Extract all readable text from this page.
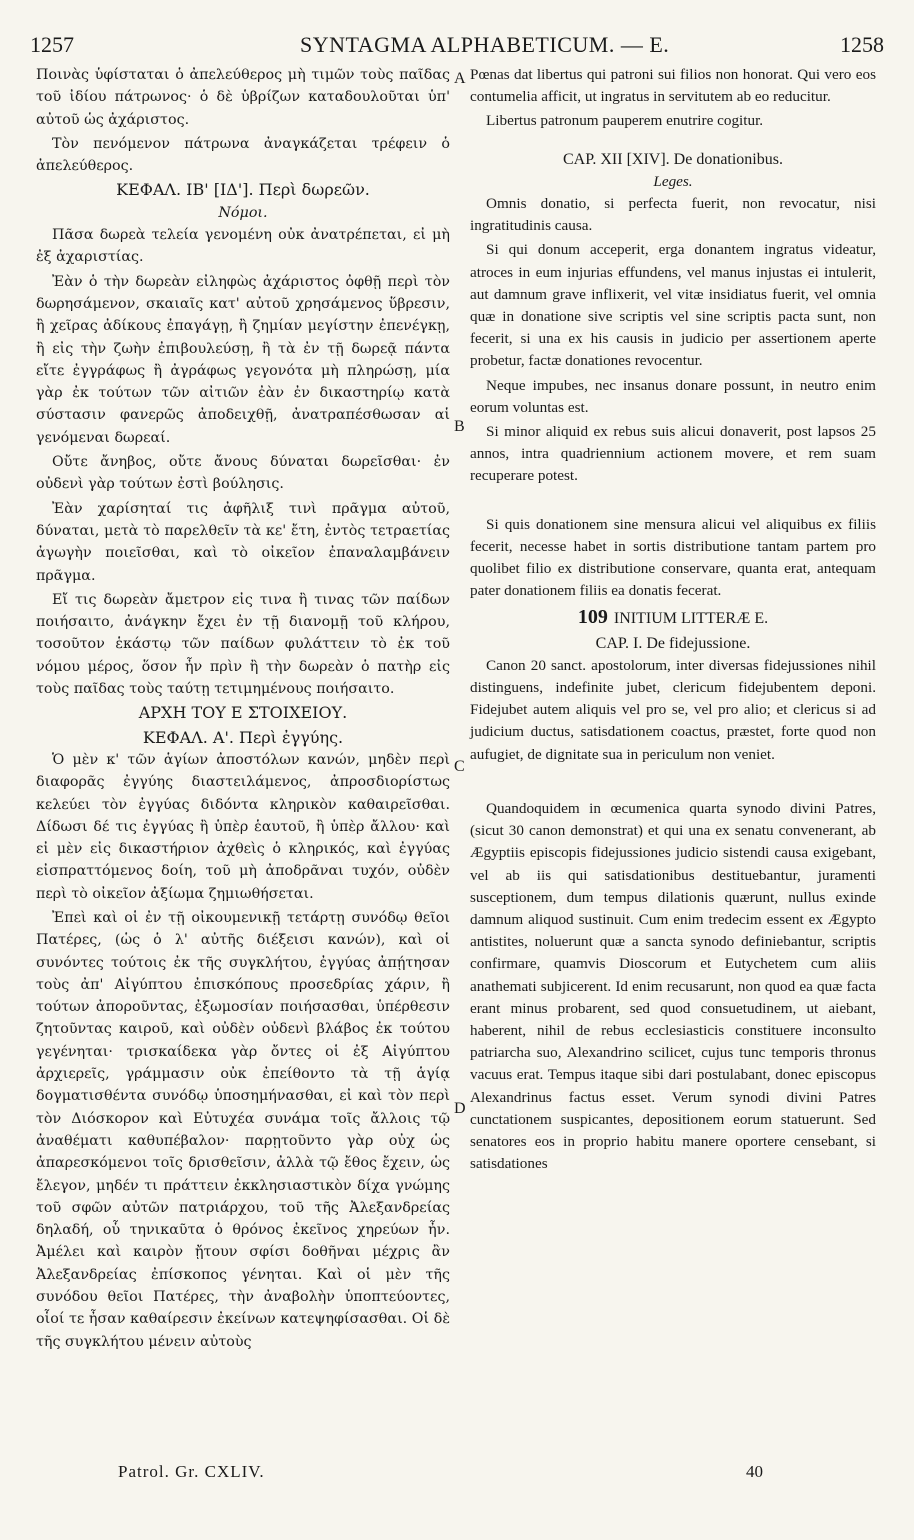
1257	SYNTAGMA ALPHABETICUM. — E.	1258

Ποινὰς ὑφίσταται ὁ ἀπελεύθερος μὴ τιμῶν τοὺς παῖδας τοῦ ἰδίου πάτρωνος· ὁ δὲ ὑβρίζων καταδουλοῦται ὑπ' αὐτοῦ ὡς ἀχάριστος.

Τὸν πενόμενον πάτρωνα ἀναγκάζεται τρέφειν ὁ ἀπελεύθερος.

ΚΕΦΑΛ. ΙΒ' [ΙΔ']. Περὶ δωρεῶν.
Νόμοι.

Πᾶσα δωρεὰ τελεία γενομένη οὐκ ἀνατρέπεται, εἰ μὴ ἐξ ἀχαριστίας.

Ἐὰν ὁ τὴν δωρεὰν εἰληφὼς ἀχάριστος ὀφθῇ περὶ τὸν δωρησάμενον, σκαιαῖς κατ' αὐτοῦ χρησάμενος ὕβρεσιν, ἢ χεῖρας ἀδίκους ἐπαγάγῃ, ἢ ζημίαν μεγίστην ἐπενέγκῃ, ἢ εἰς τὴν ζωὴν ἐπιβουλεύσῃ, ἢ τὰ ἐν τῇ δωρεᾷ πάντα εἴτε ἐγγράφως ἢ ἀγράφως γεγονότα μὴ πληρώσῃ, μία γὰρ ἐκ τούτων τῶν αἰτιῶν ἐὰν ἐν δικαστηρίῳ κατὰ σύστασιν φανερῶς ἀποδειχθῇ, ἀνατραπέσθωσαν αἱ γενόμεναι δωρεαί.

Οὔτε ἄνηβος, οὔτε ἄνους δύναται δωρεῖσθαι· ἐν οὐδενὶ γὰρ τούτων ἐστὶ βούλησις.

Ἐὰν χαρίσηταί τις ἀφῆλιξ τινὶ πρᾶγμα αὐτοῦ, δύναται, μετὰ τὸ παρελθεῖν τὰ κε' ἔτη, ἐντὸς τετραετίας ἀγωγὴν ποιεῖσθαι, καὶ τὸ οἰκεῖον ἐπαναλαμβάνειν πρᾶγμα.

Εἴ τις δωρεὰν ἄμετρον εἰς τινα ἢ τινας τῶν παίδων ποιήσαιτο, ἀνάγκην ἔχει ἐν τῇ διανομῇ τοῦ κλήρου, τοσοῦτον ἑκάστῳ τῶν παίδων φυλάττειν τὸ ἐκ τοῦ νόμου μέρος, ὅσον ἦν πρὶν ἢ τὴν δωρεὰν ὁ πατὴρ εἰς τοὺς παῖδας τοὺς ταύτῃ τετιμημένους ποιήσαιτο.

ΑΡΧΗ ΤΟΥ Ε ΣΤΟΙΧΕΙΟΥ.
ΚΕΦΑΛ. Α'. Περὶ ἐγγύης.

Ὁ μὲν κ' τῶν ἁγίων ἀποστόλων κανών, μηδὲν περὶ διαφορᾶς ἐγγύης διαστειλάμενος, ἀπροσδιορίστως κελεύει τὸν ἐγγύας διδόντα κληρικὸν καθαιρεῖσθαι. Δίδωσι δέ τις ἐγγύας ἢ ὑπὲρ ἑαυτοῦ, ἢ ὑπὲρ ἄλλου· καὶ εἰ μὲν εἰς δικαστήριον ἀχθεὶς ὁ κληρικός, καὶ ἐγγύας εἰσπραττόμενος δοίη, τοῦ μὴ ἀποδρᾶναι τυχόν, οὐδὲν περὶ τὸ οἰκεῖον ἀξίωμα ζημιωθήσεται.

Ἐπεὶ καὶ οἱ ἐν τῇ οἰκουμενικῇ τετάρτῃ συνόδῳ θεῖοι Πατέρες, (ὡς ὁ λ' αὐτῆς διέξεισι κανών), καὶ οἱ συνόντες τούτοις ἐκ τῆς συγκλήτου, ἐγγύας ἀπῄτησαν τοὺς ἀπ' Αἰγύπτου ἐπισκόπους προσεδρίας χάριν, ἢ τούτων ἀποροῦντας, ἐξωμοσίαν ποιήσασθαι, ὑπέρθεσιν ζητοῦντας καιροῦ, καὶ οὐδὲν οὐδενὶ βλάβος ἐκ τούτου γεγένηται· τρισκαίδεκα γὰρ ὄντες οἱ ἐξ Αἰγύπτου ἀρχιερεῖς, γράμμασιν οὐκ ἐπείθοντο τὰ τῇ ἁγίᾳ δογματισθέντα συνόδῳ ὑποσημήνασθαι, εἰ καὶ τὸν περὶ τὸν Διόσκορον καὶ Εὐτυχέα συνάμα τοῖς ἄλλοις τῷ ἀναθέματι καθυπέβαλον· παρῃτοῦντο γὰρ οὐχ ὡς ἀπαρεσκόμενοι τοῖς δρισθεῖσιν, ἀλλὰ τῷ ἔθος ἔχειν, ὡς ἔλεγον, μηδέν τι πράττειν ἐκκλησιαστικὸν δίχα γνώμης τοῦ σφῶν αὐτῶν πατριάρχου, τοῦ τῆς Ἀλεξανδρείας δηλαδή, οὗ τηνικαῦτα ὁ θρόνος ἐκεῖνος χηρεύων ἦν. Ἀμέλει καὶ καιρὸν ᾔτουν σφίσι δοθῆναι μέχρις ἂν Ἀλεξανδρείας ἐπίσκοπος γένηται. Καὶ οἱ μὲν τῆς συνόδου θεῖοι Πατέρες, τὴν ἀναβολὴν ὑποπτεύοντες, οἷοί τε ἦσαν καθαίρεσιν ἐκείνων κατεψηφίσασθαι. Οἱ δὲ τῆς συγκλήτου μένειν αὐτοὺς

Pœnas dat libertus qui patroni sui filios non honorat. Qui vero eos contumelia afficit, ut ingratus in servitutem ab eo reducitur.

Libertus patronum pauperem enutrire cogitur.

CAP. XII [XIV]. De donationibus.
Leges.

Omnis donatio, si perfecta fuerit, non revocatur, nisi ingratitudinis causa.

Si qui donum acceperit, erga donantem ingratus videatur, atroces in eum injurias effundens, vel manus injustas ei intulerit, aut damnum grave inflixerit, vel vitæ insidiatus fuerit, vel omnia quæ in donatione sive scriptis vel sine scriptis pacta sunt, non fecerit, si una ex his causis in judicio per assertionem aperte probetur, factæ donationes revocentur.

Neque impubes, nec insanus donare possunt, in neutro enim eorum voluntas est.

Si minor aliquid ex rebus suis alicui donaverit, post lapsos 25 annos, intra quadriennium actionem movere, et rem suam recuperare potest.

Si quis donationem sine mensura alicui vel aliquibus ex filiis fecerit, necesse habet in sortis distributione tantam partem pro quolibet filio ex distributione conservare, quanta erat, antequam pater donationem filiis ea donatis fecerat.

109 INITIUM LITTERÆ E.
CAP. I. De fidejussione.

Canon 20 sanct. apostolorum, inter diversas fidejussiones nihil distinguens, indefinite jubet, clericum fidejubentem deponi. Fidejubet autem aliquis vel pro se, vel pro alio; et clericus si ad judicium ductus, satisdationem coactus, præstet, forte quod non aufugiet, de dignitate sua in periculum non veniet.

Quandoquidem in œcumenica quarta synodo divini Patres, (sicut 30 canon demonstrat) et qui una ex senatu convenerant, ab Ægyptiis episcopis fidejussiones judicio sistendi causa exigebant, vel ab iis qui satisdationibus destituebantur, juramenti susceptionem, dum tempus dilationis quærunt, nullus exinde damnum aliquod sustinuit. Cum enim tredecim essent ex Ægypto antistites, noluerunt quæ a sancta synodo definiebantur, scriptis confirmare, quamvis Dioscorum et Eutychetem cum aliis anathemati subjicerent. Id enim recusarunt, non quod ea quæ facta erant minus probarent, sed quod consuetudinem, ut aiebant, haberent, nihil de rebus ecclesiasticis constituere inconsulto patriarcha suo, Alexandrino scilicet, cujus tunc temporis thronus vacuus erat. Tempus itaque sibi dari postulabant, donec episcopus Alexandrinus factus esset. Verum synodi divini Patres cunctationem suspicantes, depositionem eorum statuerunt. Sed senatores eos in proprio habitu manere oportere censebant, si satisdationes

A
B
C
D
Patrol. Gr. CXLIV.	40
